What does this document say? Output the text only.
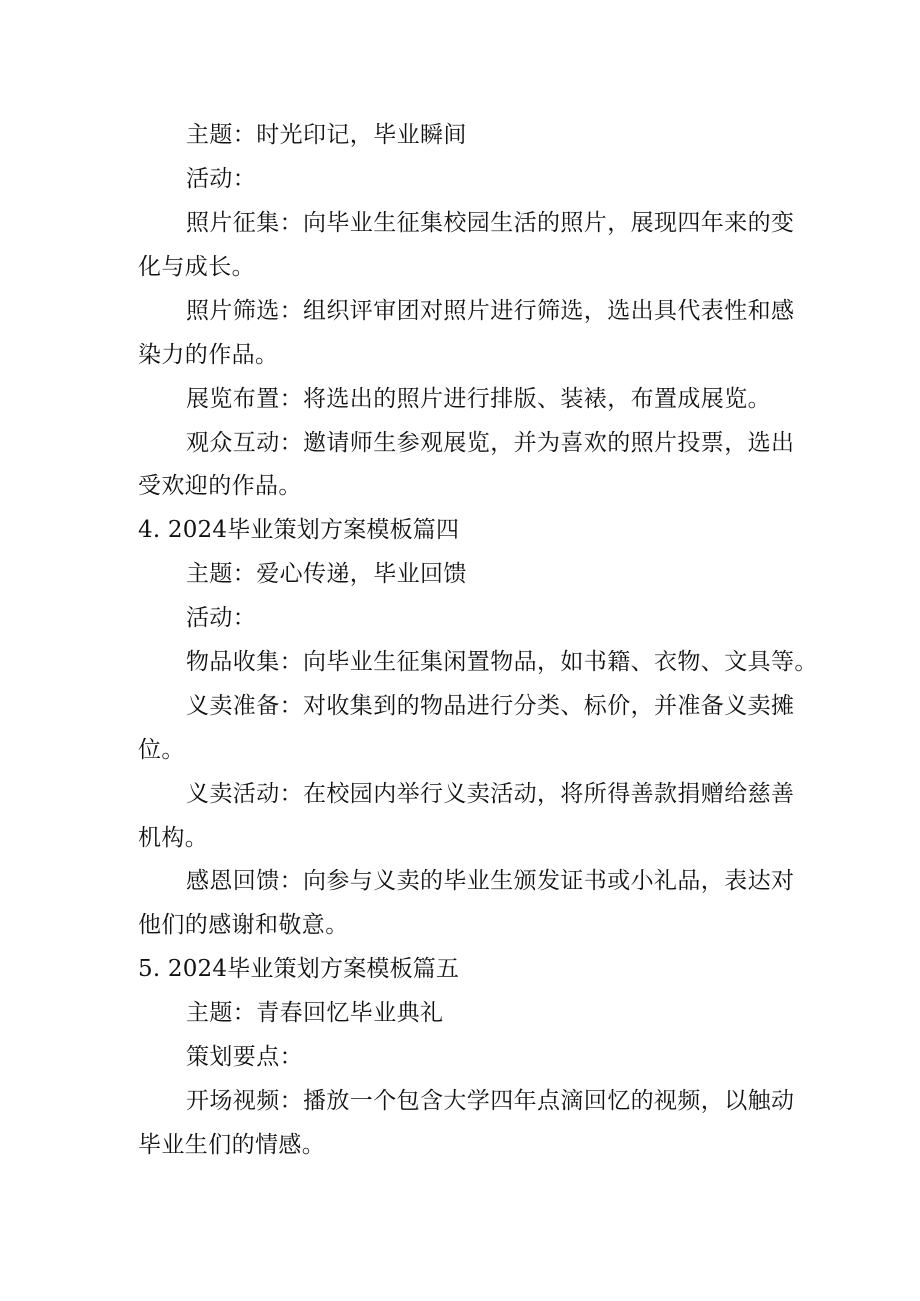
主题：时光印记，毕业瞬间
活动：
照片征集：向毕业生征集校园生活的照片，展现四年来的变
化与成长。
照片筛选：组织评审团对照片进行筛选，选出具代表性和感
染力的作品。
展览布置：将选出的照片进行排版、装裱，布置成展览。
观众互动：邀请师生参观展览，并为喜欢的照片投票，选出
受欢迎的作品。
4. 2024毕业策划方案模板篇四
主题：爱心传递，毕业回馈
活动：
物品收集：向毕业生征集闲置物品，如书籍、衣物、文具等。
义卖准备：对收集到的物品进行分类、标价，并准备义卖摊
位。
义卖活动：在校园内举行义卖活动，将所得善款捐赠给慈善
机构。
感恩回馈：向参与义卖的毕业生颁发证书或小礼品，表达对
他们的感谢和敬意。
5. 2024毕业策划方案模板篇五
主题：青春回忆毕业典礼
策划要点：
开场视频：播放一个包含大学四年点滴回忆的视频，以触动
毕业生们的情感。
